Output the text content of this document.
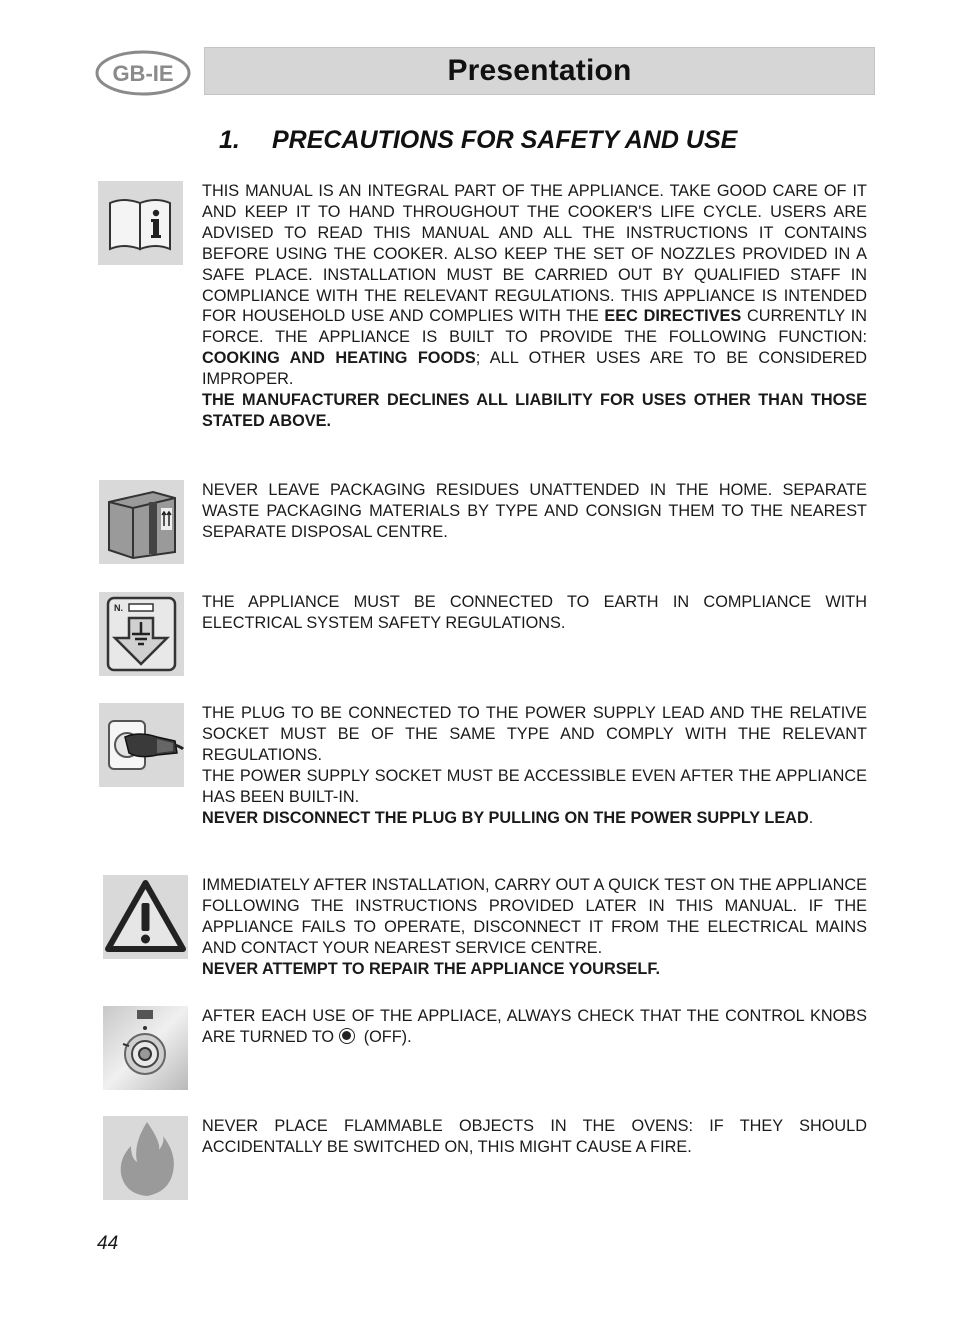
GB-IE	Presentation
1.	PRECAUTIONS FOR SAFETY AND USE

THIS MANUAL IS AN INTEGRAL PART OF THE APPLIANCE. TAKE GOOD CARE OF IT AND KEEP IT TO HAND THROUGHOUT THE COOKER'S LIFE CYCLE. USERS ARE ADVISED TO READ THIS MANUAL AND ALL THE INSTRUCTIONS IT CONTAINS BEFORE USING THE COOKER. ALSO KEEP THE SET OF NOZZLES PROVIDED IN A SAFE PLACE. INSTALLATION MUST BE CARRIED OUT BY QUALIFIED STAFF IN COMPLIANCE WITH THE RELEVANT REGULATIONS. THIS APPLIANCE IS INTENDED FOR HOUSEHOLD USE AND COMPLIES WITH THE EEC DIRECTIVES CURRENTLY IN FORCE. THE APPLIANCE IS BUILT TO PROVIDE THE FOLLOWING FUNCTION: COOKING AND HEATING FOODS; ALL OTHER USES ARE TO BE CONSIDERED IMPROPER.

THE MANUFACTURER DECLINES ALL LIABILITY FOR USES OTHER THAN THOSE STATED ABOVE.

NEVER LEAVE PACKAGING RESIDUES UNATTENDED IN THE HOME. SEPARATE WASTE PACKAGING MATERIALS BY TYPE AND CONSIGN THEM TO THE NEAREST SEPARATE DISPOSAL CENTRE.

N.	THE APPLIANCE MUST BE CONNECTED TO EARTH IN COMPLIANCE WITH ELECTRICAL SYSTEM SAFETY REGULATIONS.

THE PLUG TO BE CONNECTED TO THE POWER SUPPLY LEAD AND THE RELATIVE SOCKET MUST BE OF THE SAME TYPE AND COMPLY WITH THE RELEVANT REGULATIONS.

THE POWER SUPPLY SOCKET MUST BE ACCESSIBLE EVEN AFTER THE APPLIANCE HAS BEEN BUILT-IN.

NEVER DISCONNECT THE PLUG BY PULLING ON THE POWER SUPPLY LEAD.

IMMEDIATELY AFTER INSTALLATION, CARRY OUT A QUICK TEST ON THE APPLIANCE FOLLOWING THE INSTRUCTIONS PROVIDED LATER IN THIS MANUAL. IF THE APPLIANCE FAILS TO OPERATE, DISCONNECT IT FROM THE ELECTRICAL MAINS AND CONTACT YOUR NEAREST SERVICE CENTRE.

NEVER ATTEMPT TO REPAIR THE APPLIANCE YOURSELF.

AFTER EACH USE OF THE APPLIACE, ALWAYS CHECK THAT THE CONTROL KNOBS ARE TURNED TO (OFF).

NEVER PLACE FLAMMABLE OBJECTS IN THE OVENS: IF THEY SHOULD ACCIDENTALLY BE SWITCHED ON, THIS MIGHT CAUSE A FIRE.

44
